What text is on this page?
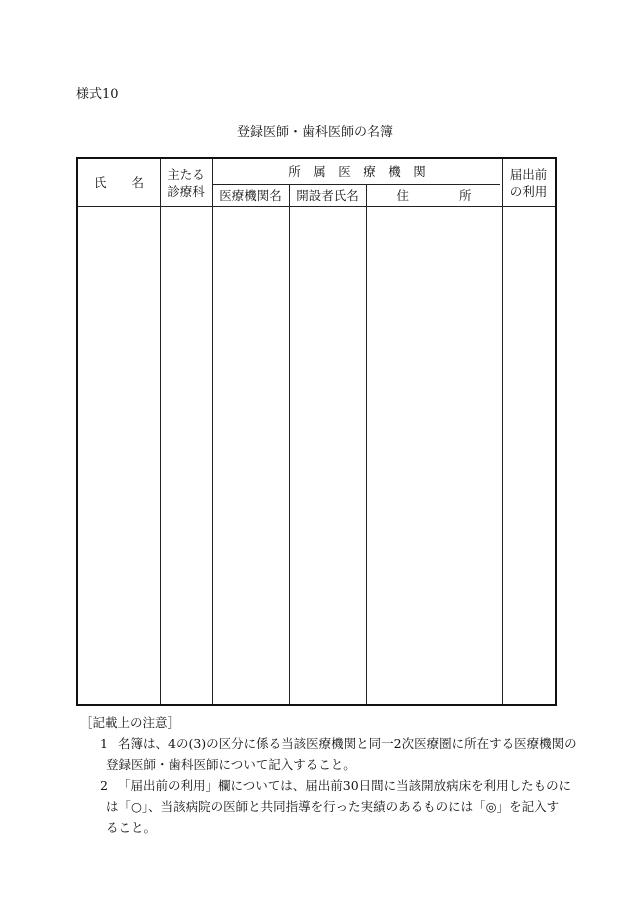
様式10
登録医師・歯科医師の名簿
氏　　名
主たる
診療科
所　属　医　療　機　関
医療機関名 開設者氏名	住　　　　所
届出前
の利用
［記載上の注意］
1 名簿は、4の(3)の区分に係る当該医療機関と同一2次医療圏に所在する医療機関の
登録医師・歯科医師について記入すること。
2 「届出前の利用」欄については、届出前30日間に当該開放病床を利用したものに
は「○」、当該病院の医師と共同指導を行った実績のあるものには「◎」を記入す
ること。
